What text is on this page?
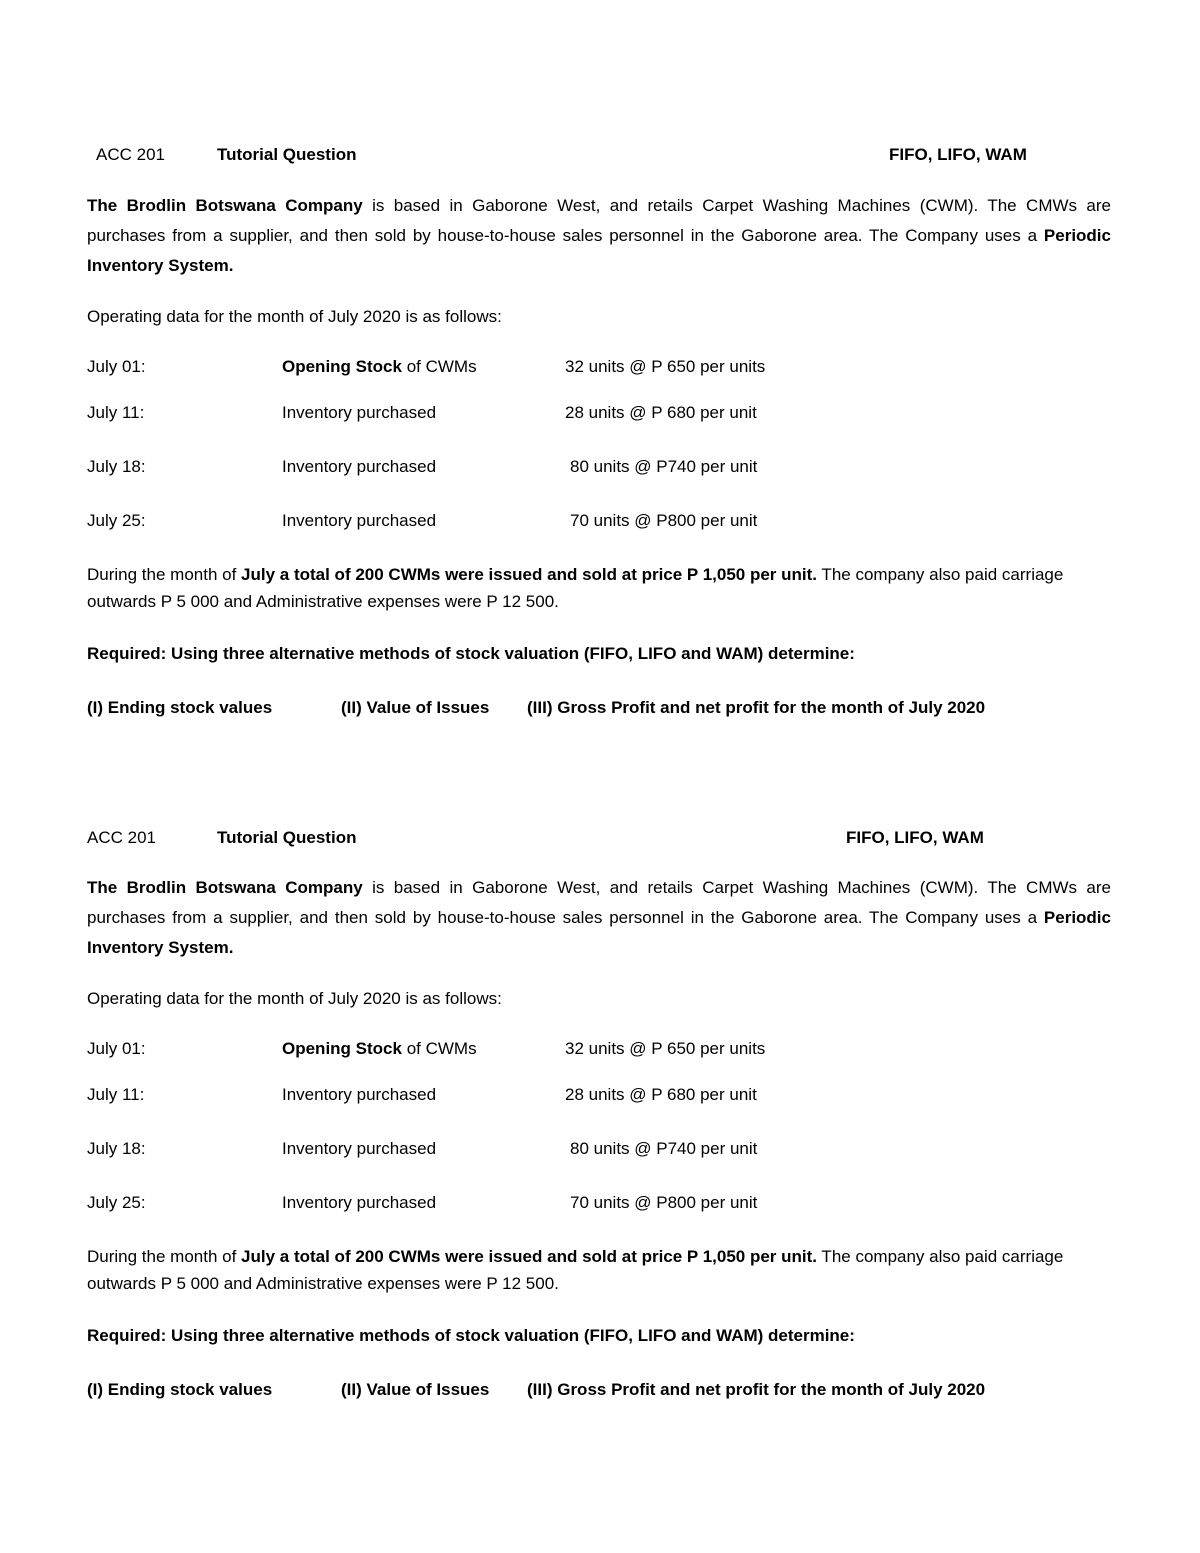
ACC 201	Tutorial Question	FIFO, LIFO, WAM

The Brodlin Botswana Company is based in Gaborone West, and retails Carpet Washing Machines (CWM). The CMWs are purchases from a supplier, and then sold by house-to-house sales personnel in the Gaborone area. The Company uses a Periodic Inventory System.

Operating data for the month of July 2020 is as follows:
July 01:	Opening Stock of CWMs	32 units @ P 650 per units
July 11:	Inventory purchased	28 units @ P 680 per unit
July 18:	Inventory purchased	80 units @ P740 per unit
July 25:	Inventory purchased	70 units @ P800 per unit

During the month of July a total of 200 CWMs were issued and sold at price P 1,050 per unit. The company also paid carriage outwards P 5 000 and Administrative expenses were P 12 500.

Required: Using three alternative methods of stock valuation (FIFO, LIFO and WAM) determine:
(I) Ending stock values	(II) Value of Issues (III) Gross Profit and net profit for the month of July 2020
ACC 201	Tutorial Question	FIFO, LIFO, WAM

The Brodlin Botswana Company is based in Gaborone West, and retails Carpet Washing Machines (CWM). The CMWs are purchases from a supplier, and then sold by house-to-house sales personnel in the Gaborone area. The Company uses a Periodic Inventory System.

Operating data for the month of July 2020 is as follows:
July 01:	Opening Stock of CWMs	32 units @ P 650 per units
July 11:	Inventory purchased	28 units @ P 680 per unit
July 18:	Inventory purchased	80 units @ P740 per unit
July 25:	Inventory purchased	70 units @ P800 per unit

During the month of July a total of 200 CWMs were issued and sold at price P 1,050 per unit. The company also paid carriage outwards P 5 000 and Administrative expenses were P 12 500.

Required: Using three alternative methods of stock valuation (FIFO, LIFO and WAM) determine:
(I) Ending stock values	(II) Value of Issues (III) Gross Profit and net profit for the month of July 2020
